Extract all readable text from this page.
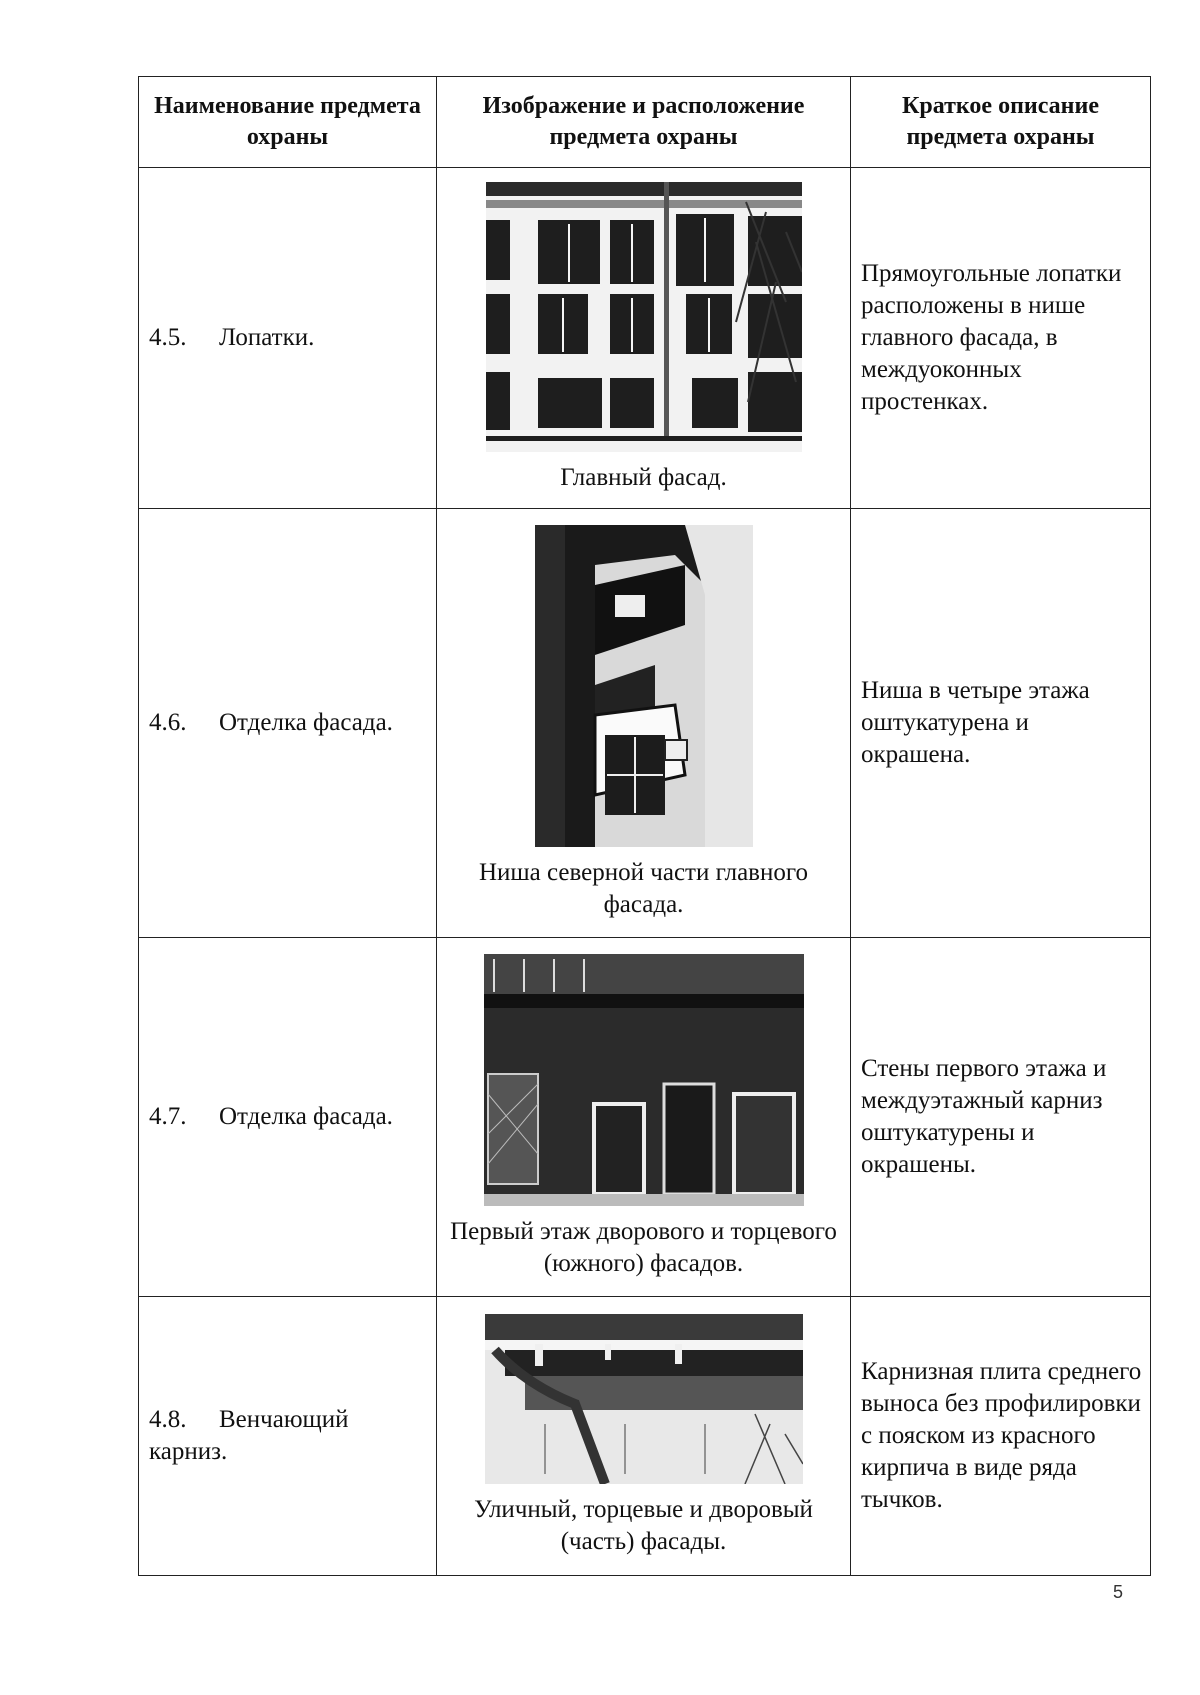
Наименование предмета охраны	Изображение и расположение предмета охраны	Краткое описание предмета охраны
4.5. Лопатки.	Главный фасад.	Прямоугольные лопатки расположены в нише главного фасада, в междуоконных простенках.
4.6. Отделка фасада.	Ниша северной части главного фасада.	Ниша в четыре этажа оштукатурена и окрашена.
4.7. Отделка фасада.	Первый этаж дворового и торцевого (южного) фасадов.	Стены первого этажа и междуэтажный карниз оштукатурены и окрашены.
4.8. Венчающий карниз.	Уличный, торцевые и дворовый (часть) фасады.	Карнизная плита среднего выноса без профилировки с пояском из красного кирпича в виде ряда тычков.
5
